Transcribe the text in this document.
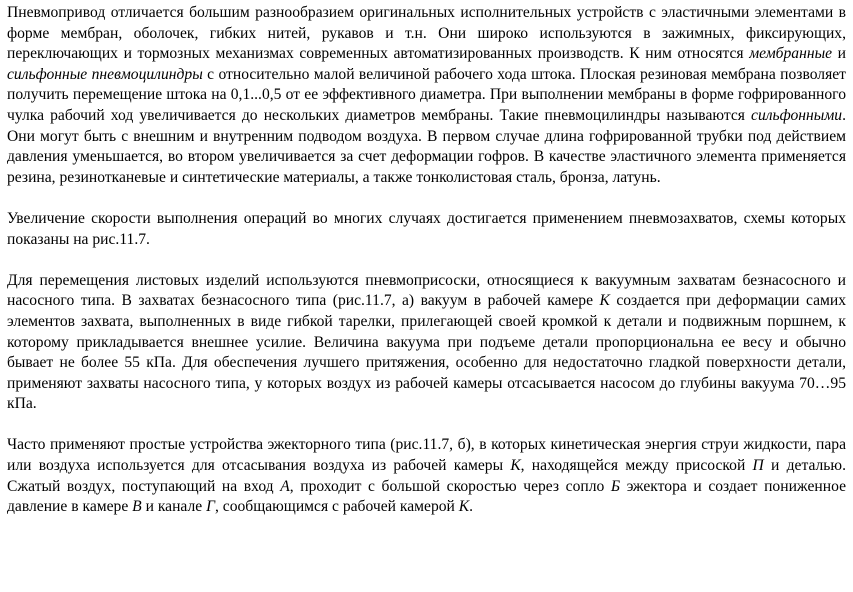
Пневмопривод отличается большим разнообразием оригинальных исполнительных устройств с эластичными элементами в форме мембран, оболочек, гибких нитей, рукавов и т.н. Они широко используются в зажимных, фиксирующих, переключающих и тормозных механизмах современных автоматизированных производств. К ним относятся мембранные и сильфонные пневмоцилиндры с относительно малой величиной рабочего хода штока. Плоская резиновая мембрана позволяет получить перемещение штока на 0,1...0,5 от ее эффективного диаметра. При выполнении мембраны в форме гофрированного чулка рабочий ход увеличивается до нескольких диаметров мембраны. Такие пневмоцилиндры называются сильфонными. Они могут быть с внешним и внутренним подводом воздуха. В первом случае длина гофрированной трубки под действием давления уменьшается, во втором увеличивается за счет деформации гофров. В качестве эластичного элемента применяется резина, резинотканевые и синтетические материалы, а также тонколистовая сталь, бронза, латунь.

Увеличение скорости выполнения операций во многих случаях достигается применением пневмозахватов, схемы которых показаны на рис.11.7.

Для перемещения листовых изделий используются пневмоприсоски, относящиеся к вакуумным захватам безнасосного и насосного типа. В захватах безнасосного типа (рис.11.7, а) вакуум в рабочей камере К создается при деформации самих элементов захвата, выполненных в виде гибкой тарелки, прилегающей своей кромкой к детали и подвижным поршнем, к которому прикладывается внешнее усилие. Величина вакуума при подъеме детали пропорциональна ее весу и обычно бывает не более 55 кПа. Для обеспечения лучшего притяжения, особенно для недостаточно гладкой поверхности детали, применяют захваты насосного типа, у которых воздух из рабочей камеры отсасывается насосом до глубины вакуума 70…95 кПа.

Часто применяют простые устройства эжекторного типа (рис.11.7, б), в которых кинетическая энергия струи жидкости, пара или воздуха используется для отсасывания воздуха из рабочей камеры К, находящейся между присоской П и деталью. Сжатый воздух, поступающий на вход А, проходит с большой скоростью через сопло Б эжектора и создает пониженное давление в камере В и канале Г, сообщающимся с рабочей камерой К.
